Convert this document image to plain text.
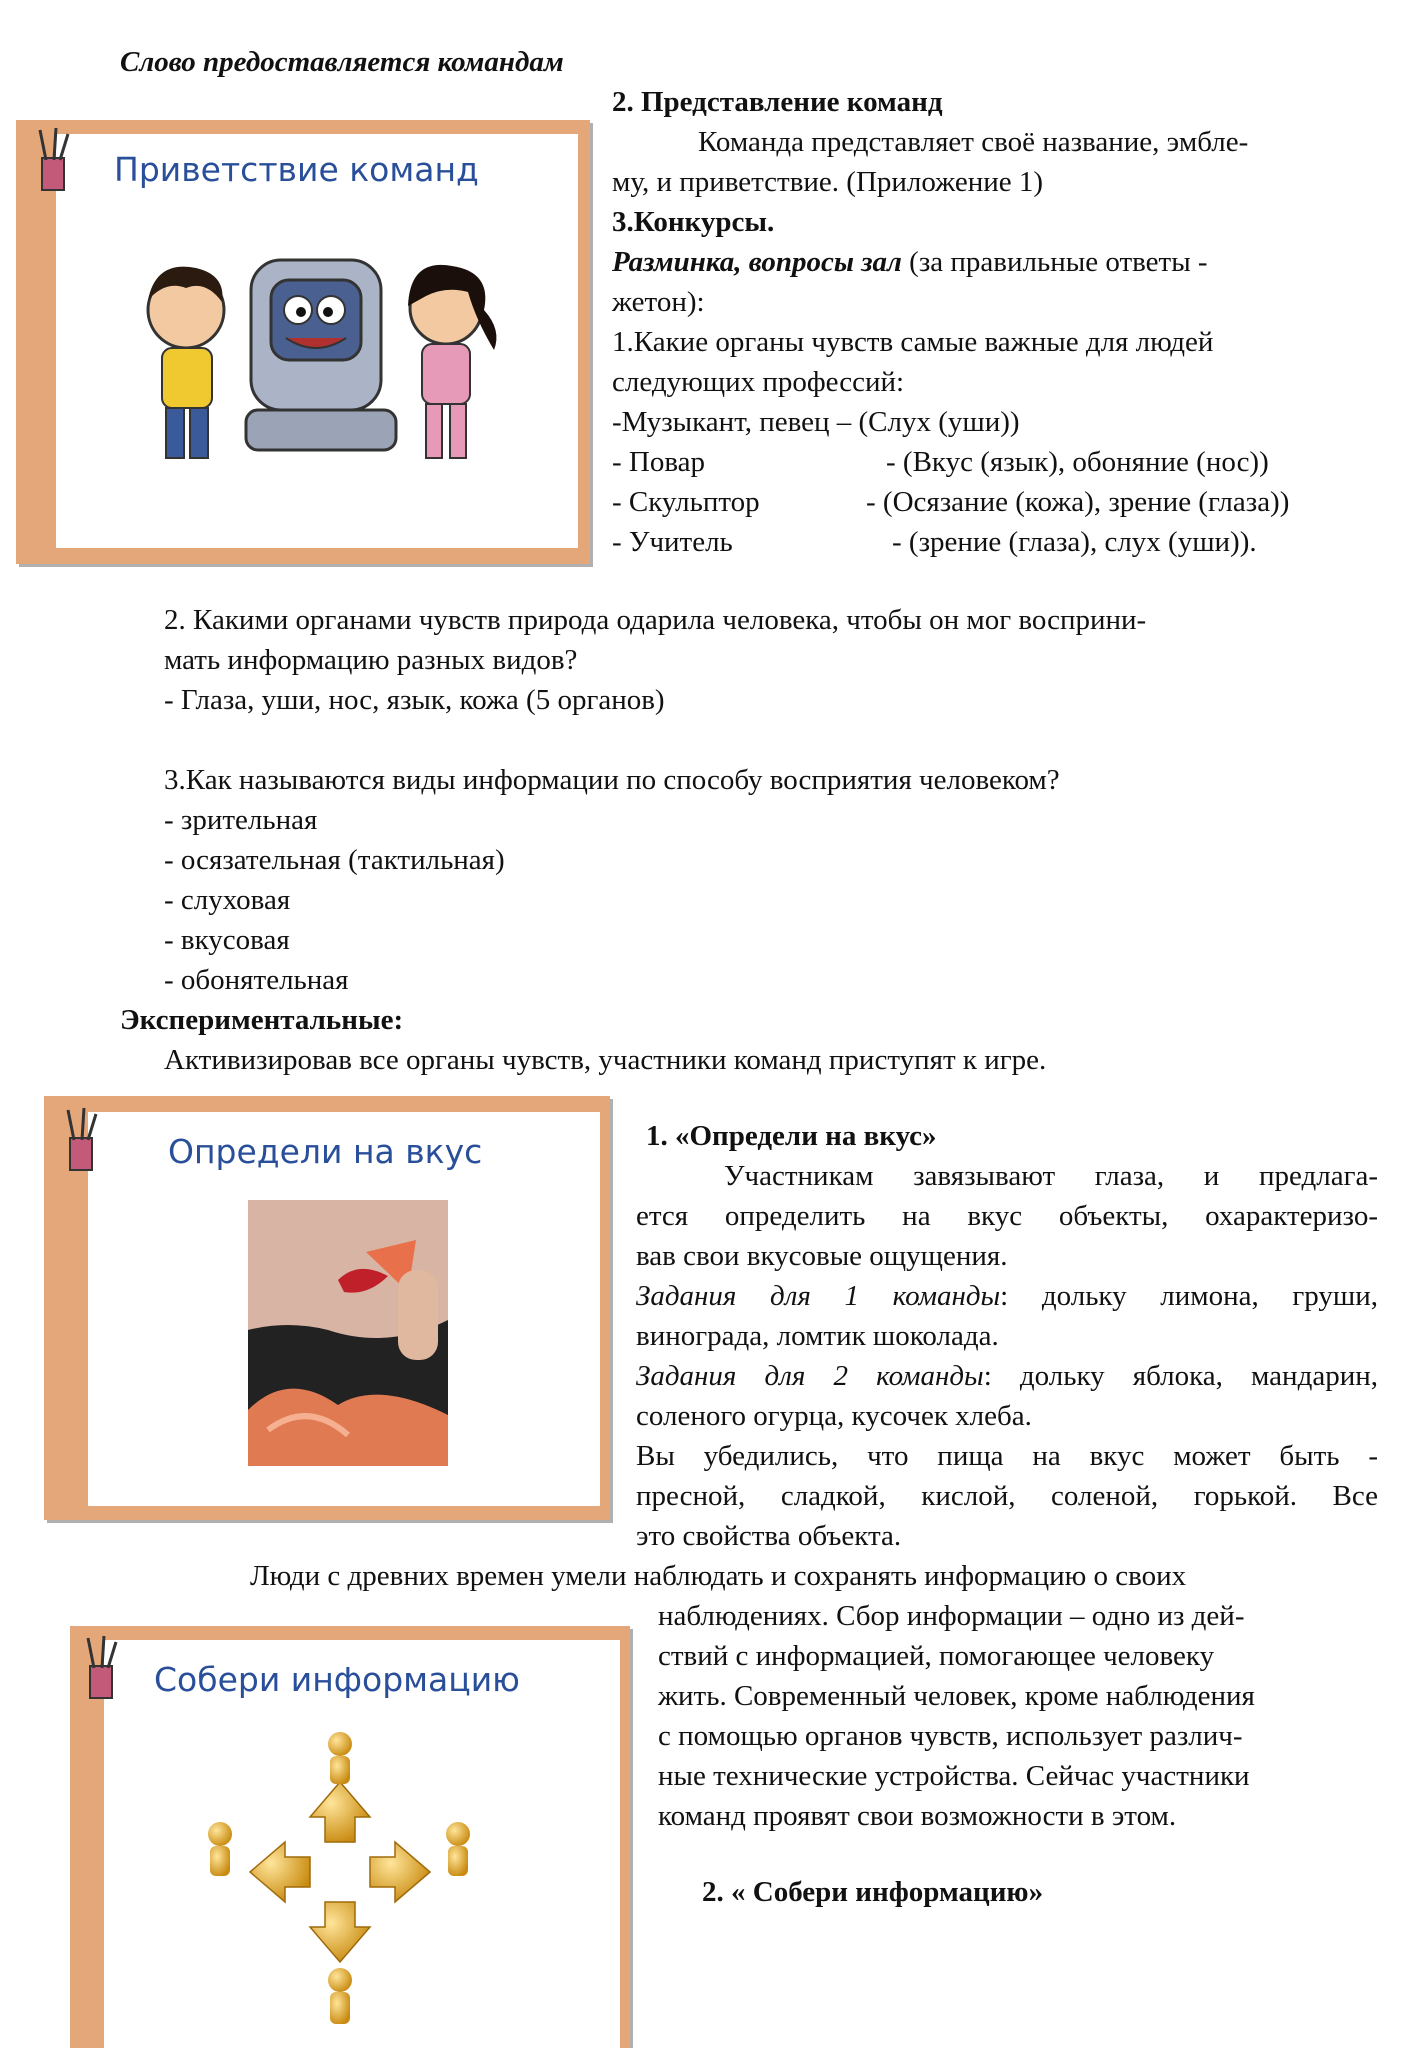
Слово предоставляется командам
Приветствие команд
2. Представление команд
Команда представляет своё название, эмбле-
му, и приветствие. (Приложение 1)
3.Конкурсы.
Разминка, вопросы зал (за правильные ответы -
жетон):
1.Какие органы чувств самые важные для людей
следующих профессий:
-Музыкант, певец – (Слух (уши))
- Повар	- (Вкус (язык), обоняние (нос))
- Скульптор	- (Осязание (кожа), зрение (глаза))
- Учитель	- (зрение (глаза), слух (уши)).
2. Какими органами чувств природа одарила человека, чтобы он мог восприни-
мать информацию разных видов?
- Глаза, уши, нос, язык, кожа (5 органов)
3.Как называются виды информации по способу восприятия человеком?
- зрительная
- осязательная (тактильная)
- слуховая
- вкусовая
- обонятельная
Экспериментальные:
Активизировав все органы чувств, участники команд приступят к игре.
Определи на вкус	1. «Определи на вкус»
Участникам завязывают глаза, и предлага-
ется определить на вкус объекты, охарактеризо-
вав свои вкусовые ощущения.
Задания для 1 команды: дольку лимона, груши,
винограда, ломтик шоколада.
Задания для 2 команды: дольку яблока, мандарин,
соленого огурца, кусочек хлеба.
Вы убедились, что пища на вкус может быть -
пресной, сладкой, кислой, соленой, горькой. Все
это свойства объекта.
Люди с древних времен умели наблюдать и сохранять информацию о своих
наблюдениях. Сбор информации – одно из дей-
ствий с информацией, помогающее человеку
жить. Современный человек, кроме наблюдения
с помощью органов чувств, использует различ-
ные технические устройства. Сейчас участники
команд проявят свои возможности в этом.
2. « Собери информацию»
Собери информацию
